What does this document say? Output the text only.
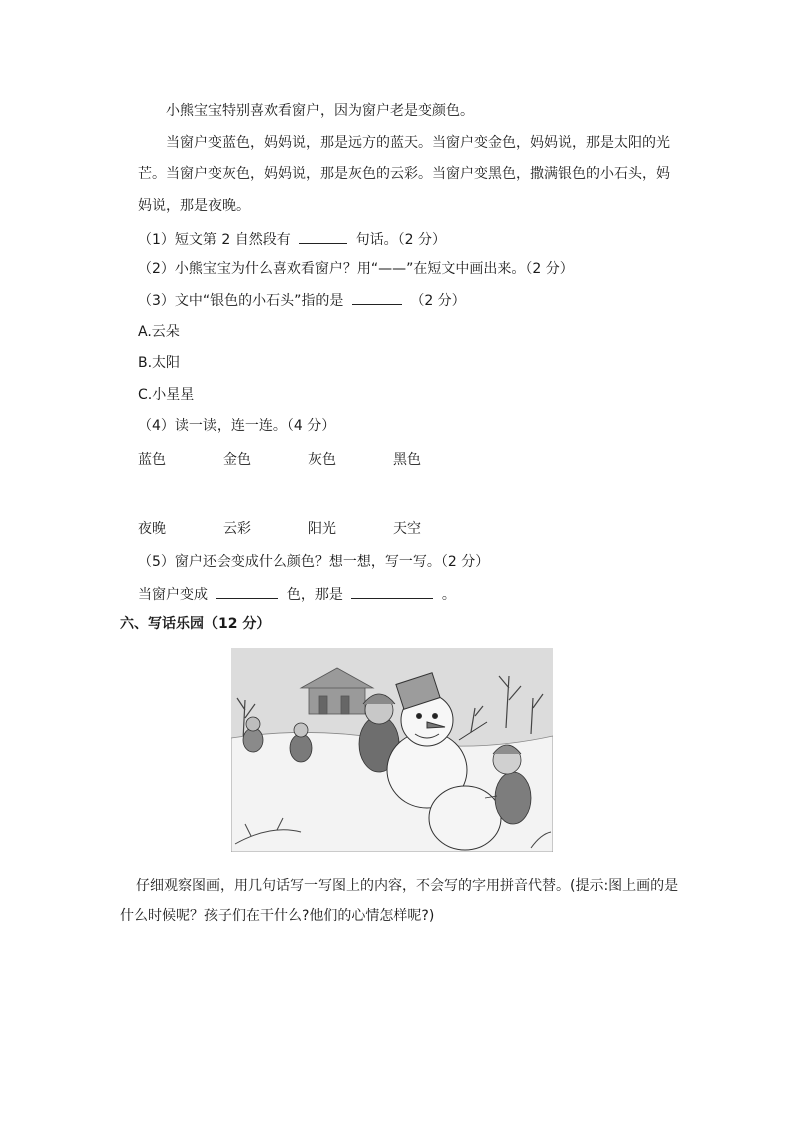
小熊宝宝特别喜欢看窗户，因为窗户老是变颜色。
当窗户变蓝色，妈妈说，那是远方的蓝天。当窗户变金色，妈妈说，那是太阳的光
芒。当窗户变灰色，妈妈说，那是灰色的云彩。当窗户变黑色，撒满银色的小石头，妈
妈说，那是夜晚。
（1）短文第 2 自然段有	句话。（2 分）
（2）小熊宝宝为什么喜欢看窗户？用“——”在短文中画出来。（2 分）
（3）文中“银色的小石头”指的是	（2 分）
A.云朵
B.太阳
C.小星星
（4）读一读，连一连。（4 分）
蓝色	金色	灰色	黑色
夜晚	云彩	阳光	天空
（5）窗户还会变成什么颜色？想一想，写一写。（2 分）
当窗户变成	色，那是	。
六、写话乐园（12 分）
仔细观察图画，用几句话写一写图上的内容，不会写的字用拼音代替。(提示:图上画的是
什么时候呢？孩子们在干什么?他们的心情怎样呢?)
